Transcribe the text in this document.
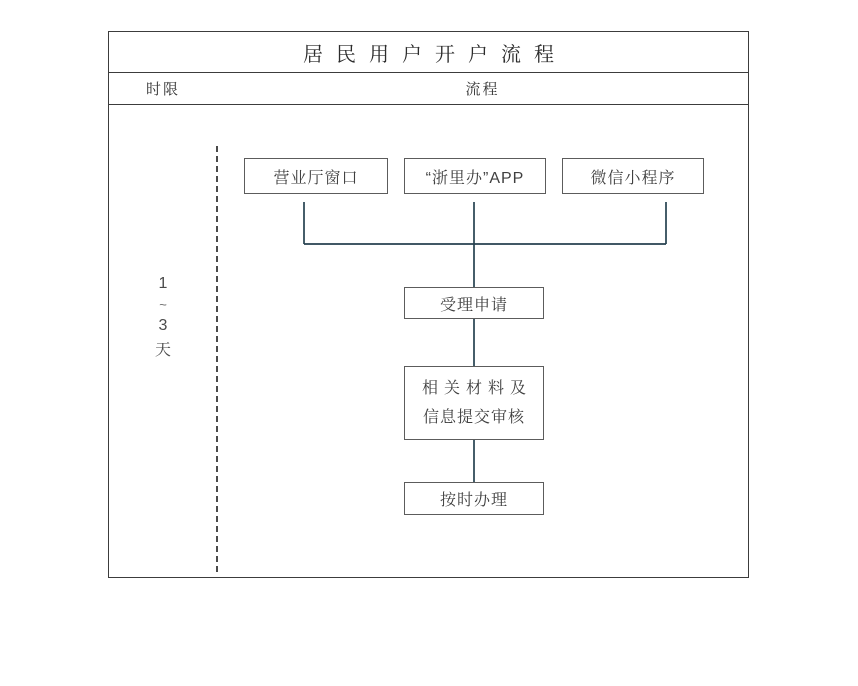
居民用户开户流程
时限	流程
1
~
3
天
营业厅窗口	“浙里办”APP	微信小程序
受理申请
相关材料及
信息提交审核
按时办理
